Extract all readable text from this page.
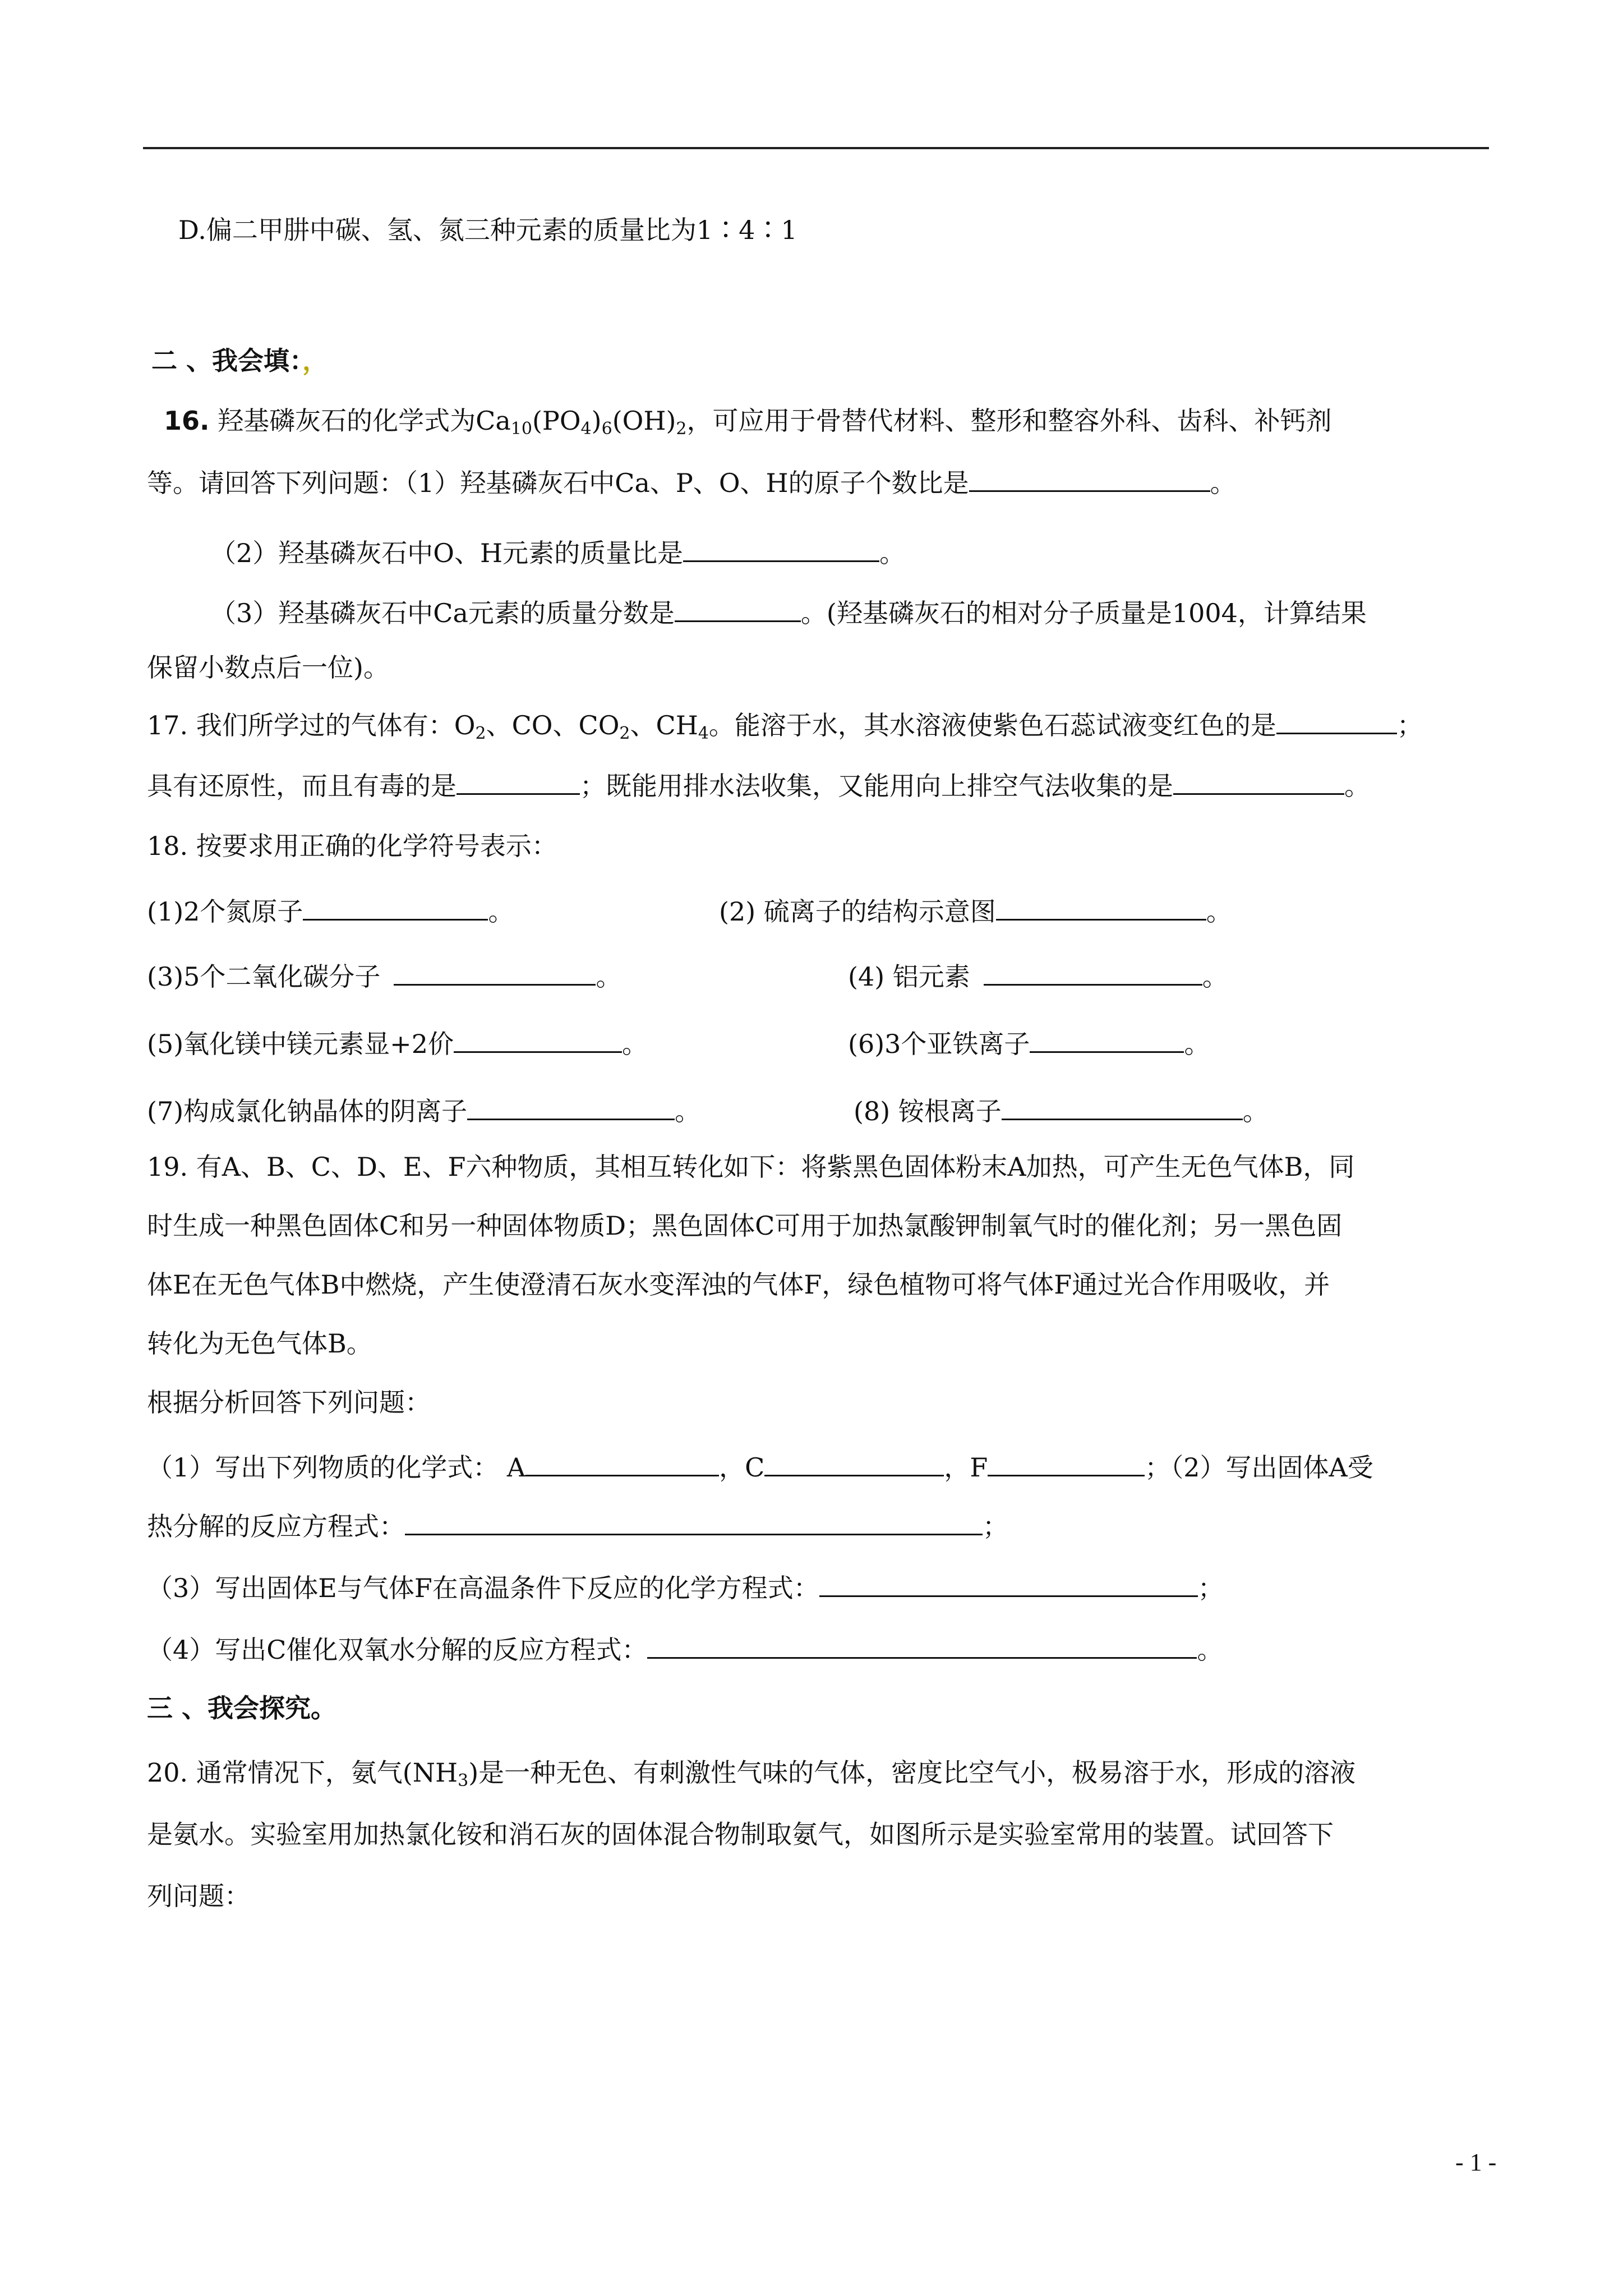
D.偏二甲肼中碳、氢、氮三种元素的质量比为1∶4∶1
二 、我会填：，
16. 羟基磷灰石的化学式为$Ca_{10}(PO_4)_6(OH)_2$，可应用于骨替代材料、整形和整容外科、齿科、补钙剂
等。请回答下列问题：（1）羟基磷灰石中Ca、P、O、H的原子个数比是	。
（2）羟基磷灰石中O、H元素的质量比是	。
（3）羟基磷灰石中Ca元素的质量分数是	。(羟基磷灰石的相对分子质量是1004，计算结果
保留小数点后一位)。
17. 我们所学过的气体有：$O_2$、CO、$CO_2$、$CH_4$。能溶于水，其水溶液使紫色石蕊试液变红色的是	；
具有还原性，而且有毒的是	；既能用排水法收集，又能用向上排空气法收集的是	。
18. 按要求用正确的化学符号表示：
(1)2个氮原子	。	(2) 硫离子的结构示意图	。
(3)5个二氧化碳分子	。	(4) 铝元素	。
(5)氧化镁中镁元素显+2价	。	(6)3个亚铁离子	。
(7)构成氯化钠晶体的阴离子	。	(8) 铵根离子	。
19. 有A、B、C、D、E、F六种物质，其相互转化如下：将紫黑色固体粉末A加热，可产生无色气体B，同
时生成一种黑色固体C和另一种固体物质D；黑色固体C可用于加热氯酸钾制氧气时的催化剂；另一黑色固
体E在无色气体B中燃烧，产生使澄清石灰水变浑浊的气体F，绿色植物可将气体F通过光合作用吸收，并
转化为无色气体B。
根据分析回答下列问题：
（1）写出下列物质的化学式： A	，C	，F	；（2）写出固体A受
热分解的反应方程式：	；
（3）写出固体E与气体F在高温条件下反应的化学方程式：	；
（4）写出C催化双氧水分解的反应方程式：	。
三 、我会探究。
20. 通常情况下，氨气$(NH_3)$是一种无色、有刺激性气味的气体，密度比空气小，极易溶于水，形成的溶液
是氨水。实验室用加热氯化铵和消石灰的固体混合物制取氨气，如图所示是实验室常用的装置。试回答下
列问题：
- 1 -
